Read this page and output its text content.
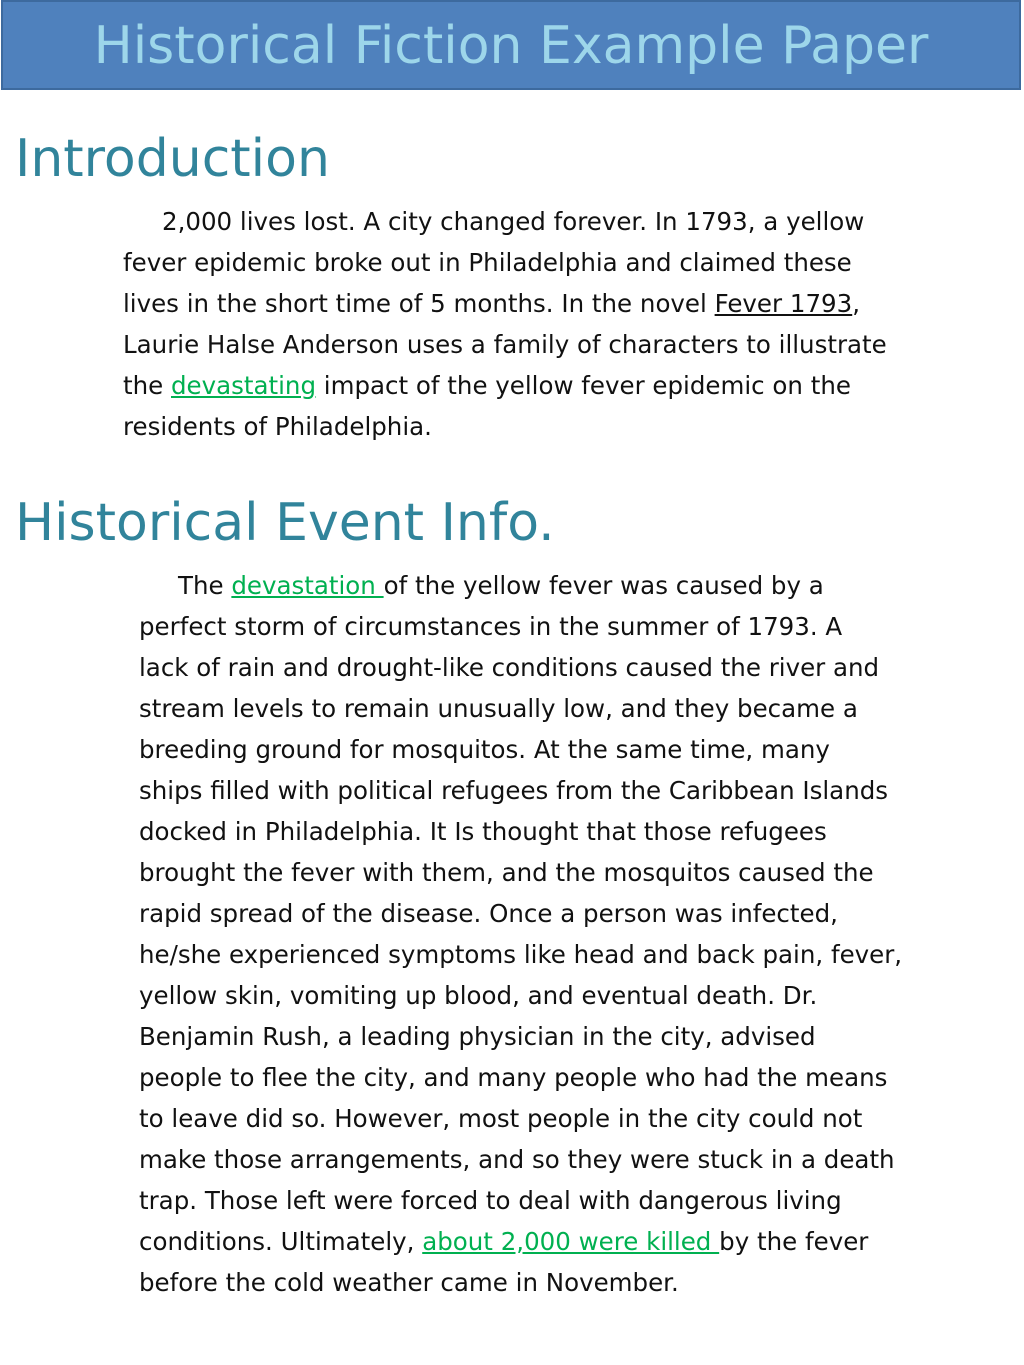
Historical Fiction Example Paper
Introduction
2,000 lives lost. A city changed forever. In 1793, a yellow
fever epidemic broke out in Philadelphia and claimed these
lives in the short time of 5 months. In the novel Fever 1793,
Laurie Halse Anderson uses a family of characters to illustrate
the devastating impact of the yellow fever epidemic on the
residents of Philadelphia.
Historical Event Info.
The devastation of the yellow fever was caused by a
perfect storm of circumstances in the summer of 1793. A
lack of rain and drought-like conditions caused the river and
stream levels to remain unusually low, and they became a
breeding ground for mosquitos. At the same time, many
ships filled with political refugees from the Caribbean Islands
docked in Philadelphia. It Is thought that those refugees
brought the fever with them, and the mosquitos caused the
rapid spread of the disease. Once a person was infected,
he/she experienced symptoms like head and back pain, fever,
yellow skin, vomiting up blood, and eventual death. Dr.
Benjamin Rush, a leading physician in the city, advised
people to flee the city, and many people who had the means
to leave did so. However, most people in the city could not
make those arrangements, and so they were stuck in a death
trap. Those left were forced to deal with dangerous living
conditions. Ultimately, about 2,000 were killed by the fever
before the cold weather came in November.
